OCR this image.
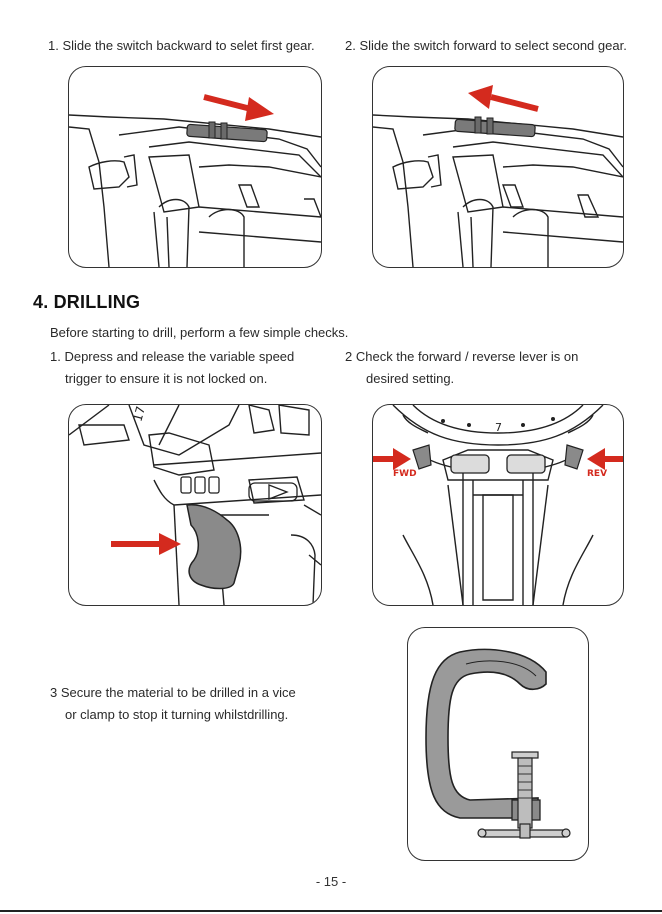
1. Slide the switch backward to selet first gear. 2. Slide the switch forward to select second gear.
4. DRILLING
Before starting to drill, perform a few simple checks.
1. Depress and release the variable speed
trigger to ensure it is not locked on.
2 Check the forward / reverse lever is on
desired setting.
17
7
FWD	REV
3 Secure the material to be drilled in a vice
or clamp to stop it turning whilstdrilling.
- 15 -
